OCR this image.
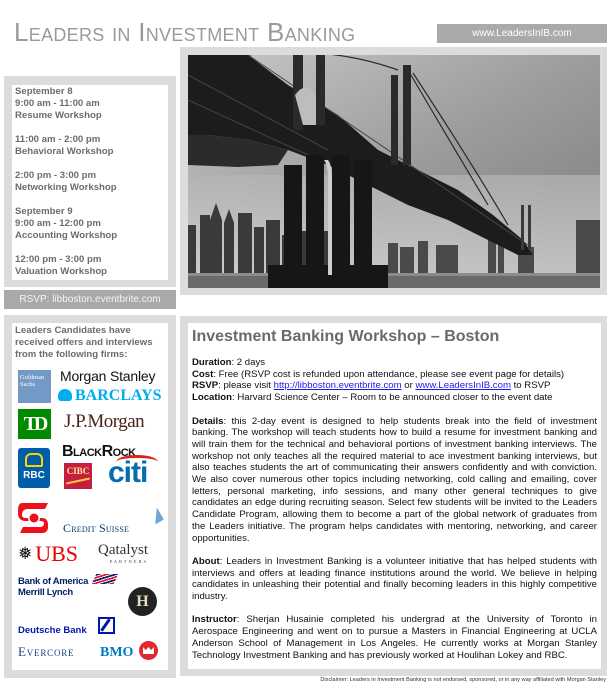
Leaders in Investment Banking	www.LeadersInIB.com
September 8
9:00 am - 11:00 am
Resume Workshop
11:00 am - 2:00 pm
Behavioral Workshop
2:00 pm - 3:00 pm
Networking Workshop
September 9
9:00 am - 12:00 pm
Accounting Workshop
12:00 pm - 3:00 pm
Valuation Workshop
RSVP: libboston.eventbrite.com
Leaders Candidates have received offers and interviews from the following firms:
Goldman Sachs
Morgan Stanley
BARCLAYS
TD J.P.Morgan
RBC
BlackRock
CIBC citi
Credit Suisse
❅ UBS Qatalyst
PARTNERS
Bank of America
Merrill Lynch
H
Deutsche Bank
Evercore BMO
Investment Banking Workshop – Boston
Duration: 2 days
Cost: Free (RSVP cost is refunded upon attendance, please see event page for details)
RSVP: please visit http://libboston.eventbrite.com or www.LeadersInIB.com to RSVP
Location: Harvard Science Center – Room to be announced closer to the event date

Details: this 2-day event is designed to help students break into the field of investment banking. The workshop will teach students how to build a resume for investment banking and will train them for the technical and behavioral portions of investment banking interviews. The workshop not only teaches all the required material to ace investment banking interviews, but also teaches students the art of communicating their answers confidently and with conviction. We also cover numerous other topics including networking, cold calling and emailing, cover letters, personal marketing, info sessions, and many other general techniques to give candidates an edge during recruiting season. Select few students will be invited to the Leaders Candidate Program, allowing them to become a part of the global network of graduates from the Leaders initiative. The program helps candidates with mentoring, networking, and career opportunities.

About: Leaders in Investment Banking is a volunteer initiative that has helped students with interviews and offers at leading finance institutions around the world. We believe in helping candidates in unleashing their potential and finally becoming leaders in this highly competitive industry.

Instructor: Sherjan Husainie completed his undergrad at the University of Toronto in Aerospace Engineering and went on to pursue a Masters in Financial Engineering at UCLA Anderson School of Management in Los Angeles. He currently works at Morgan Stanley Technology Investment Banking and has previously worked at Houlihan Lokey and RBC.

Disclaimer: Leaders in Investment Banking is not endorsed, sponsored, or in any way affiliated with Morgan Stanley
